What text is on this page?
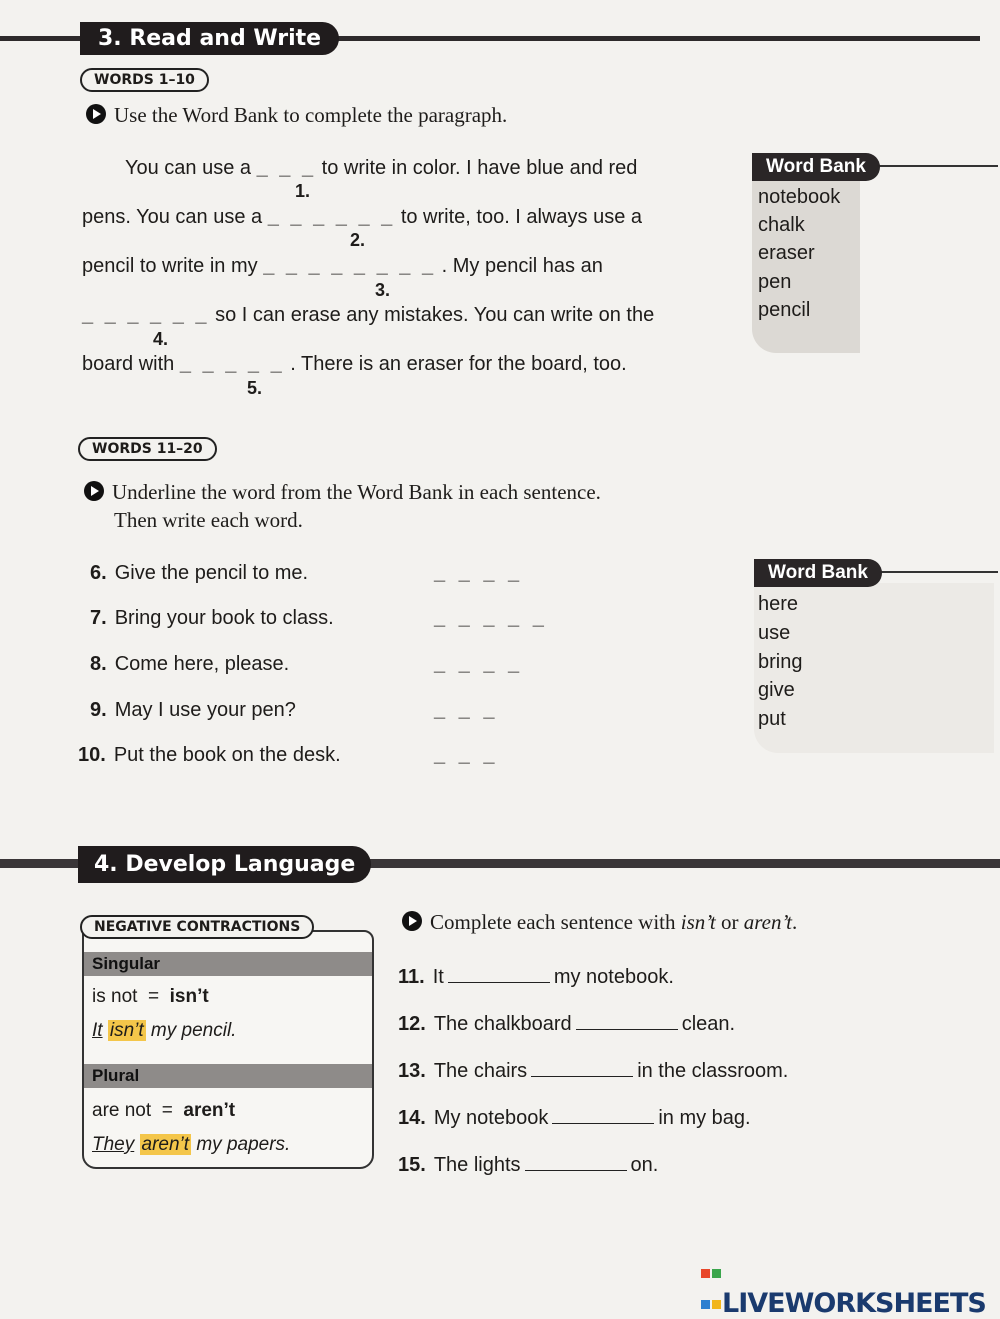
3. Read and Write
WORDS 1–10
Use the Word Bank to complete the paragraph.
You can use a _ _ _ to write in color. I have blue and red
1.
pens. You can use a _ _ _ _ _ _ to write, too. I always use a
2.
pencil to write in my _ _ _ _ _ _ _ _ . My pencil has an
3.
_ _ _ _ _ _ so I can erase any mistakes. You can write on the
4.
board with _ _ _ _ _ . There is an eraser for the board, too.
5.
Word Bank
notebook
chalk
eraser
pen
pencil
WORDS 11–20
Underline the word from the Word Bank in each sentence.
Then write each word.
6. Give the pencil to me.	_ _ _ _
7. Bring your book to class.	_ _ _ _ _
8. Come here, please.	_ _ _ _
9. May I use your pen?	_ _ _
10. Put the book on the desk.	_ _ _
Word Bank
here
use
bring
give
put
4. Develop Language
Singular
is not = isn’t
It isn’t my pencil.
Plural
are not = aren’t
They aren’t my papers.
NEGATIVE CONTRACTIONS	Complete each sentence with isn’t or aren’t.
11. It	my notebook.
12. The chalkboard	clean.
13. The chairs	in the classroom.
14. My notebook	in my bag.
15. The lights	on.

LIVEWORKSHEETS
